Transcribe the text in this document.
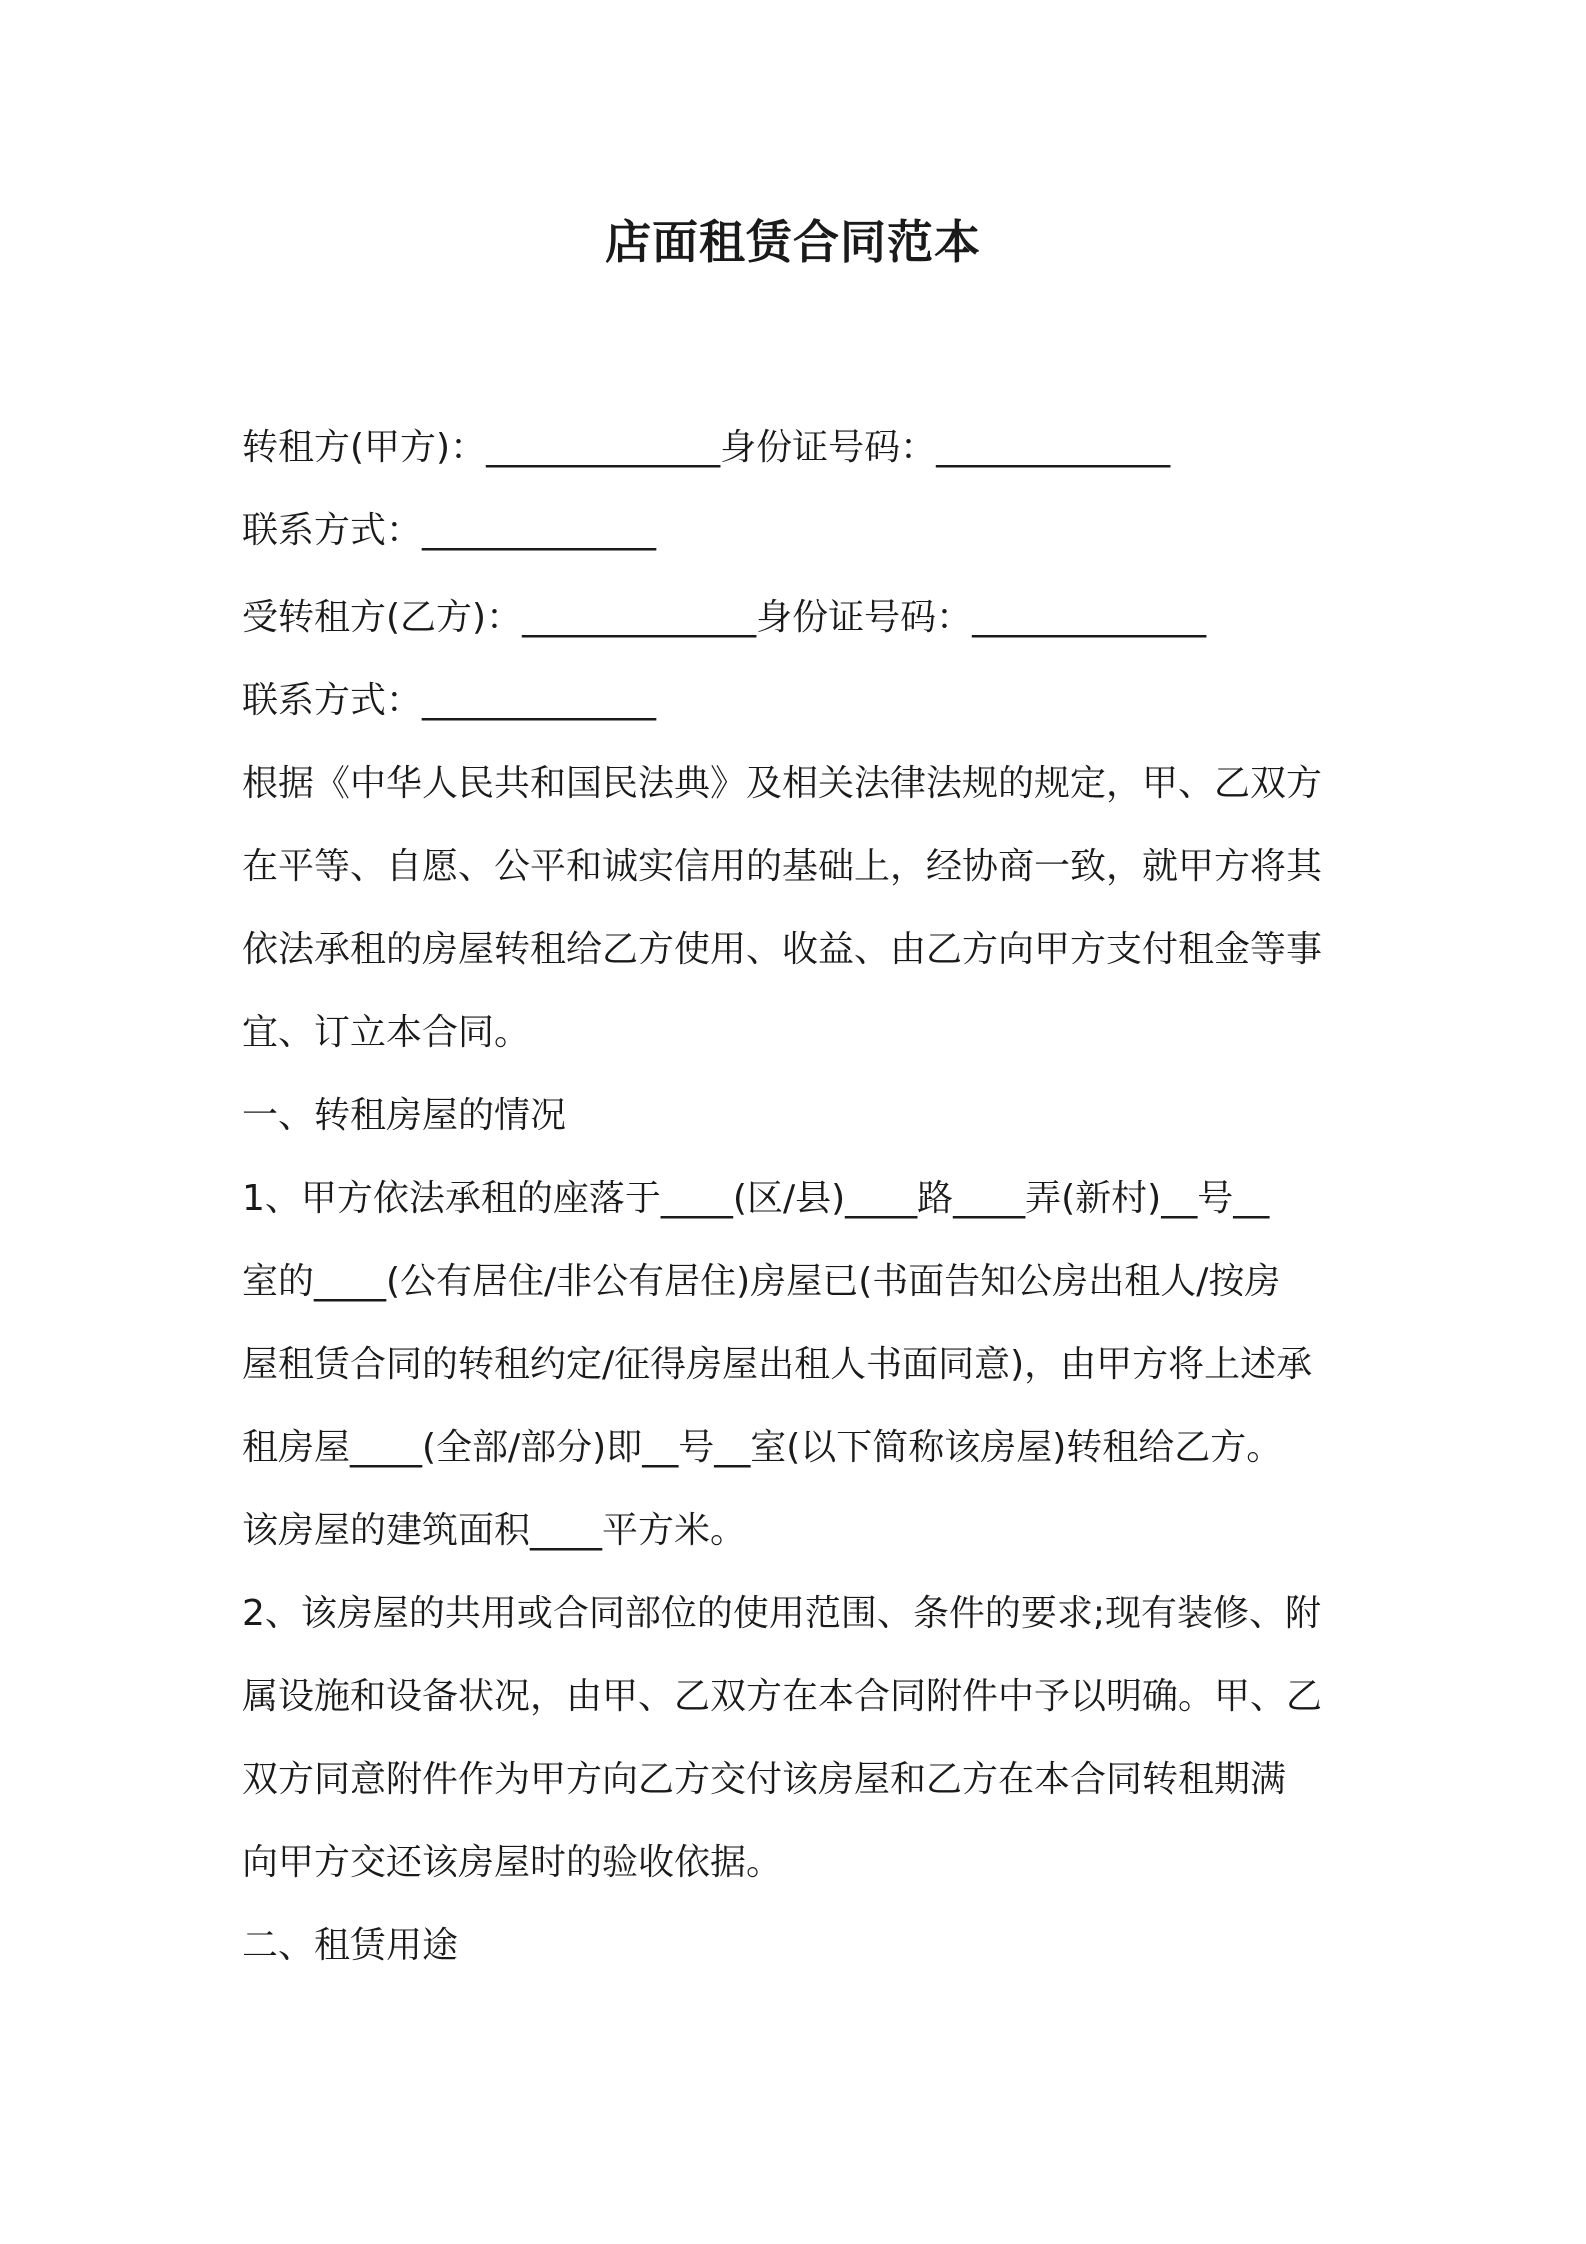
店面租赁合同范本
转租方(甲方)：_____________身份证号码：_____________
联系方式：_____________
受转租方(乙方)：_____________身份证号码：_____________
联系方式：_____________
根据《中华人民共和国民法典》及相关法律法规的规定，甲、乙双方
在平等、自愿、公平和诚实信用的基础上，经协商一致，就甲方将其
依法承租的房屋转租给乙方使用、收益、由乙方向甲方支付租金等事
宜、订立本合同。
一、转租房屋的情况
1、甲方依法承租的座落于____(区/县)____路____弄(新村)__号__
室的____(公有居住/非公有居住)房屋已(书面告知公房出租人/按房
屋租赁合同的转租约定/征得房屋出租人书面同意)，由甲方将上述承
租房屋____(全部/部分)即__号__室(以下简称该房屋)转租给乙方。
该房屋的建筑面积____平方米。
2、该房屋的共用或合同部位的使用范围、条件的要求;现有装修、附
属设施和设备状况，由甲、乙双方在本合同附件中予以明确。甲、乙
双方同意附件作为甲方向乙方交付该房屋和乙方在本合同转租期满
向甲方交还该房屋时的验收依据。
二、租赁用途
